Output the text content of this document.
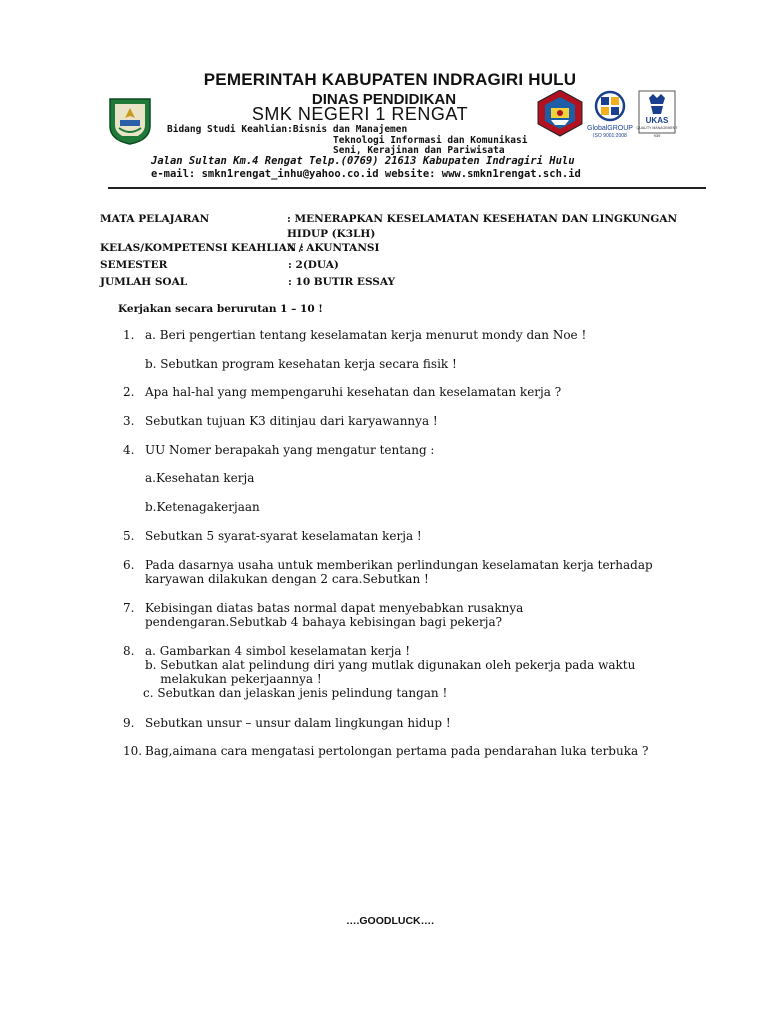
PEMERINTAH KABUPATEN INDRAGIRI HULU
DINAS PENDIDIKAN
SMK NEGERI 1 RENGAT
GlobalGROUP
ISO 9001:2008
UKAS
QUALITY MANAGEMENT
939
Bidang Studi Keahlian:Bisnis dan Manajemen
Teknologi Informasi dan Komunikasi
Seni, Kerajinan dan Pariwisata
Jalan Sultan Km.4 Rengat Telp.(0769) 21613 Kabupaten Indragiri Hulu
e-mail: smkn1rengat_inhu@yahoo.co.id website: www.smkn1rengat.sch.id
MATA PELAJARAN	: MENERAPKAN KESELAMATAN KESEHATAN DAN LINGKUNGAN
HIDUP (K3LH)
KELAS/KOMPETENSI KEAHLIAN :
X / AKUNTANSI
SEMESTER	: 2(DUA)
JUMLAH SOAL	: 10 BUTIR ESSAY
Kerjakan secara berurutan 1 – 10 !
1. a. Beri pengertian tentang keselamatan kerja menurut mondy dan Noe !
b. Sebutkan program kesehatan kerja secara fisik !
2. Apa hal-hal yang mempengaruhi kesehatan dan keselamatan kerja ?
3. Sebutkan tujuan K3 ditinjau dari karyawannya !
4. UU Nomer berapakah yang mengatur tentang :
a.Kesehatan kerja
b.Ketenagakerjaan
5. Sebutkan 5 syarat-syarat keselamatan kerja !
6. Pada dasarnya usaha untuk memberikan perlindungan keselamatan kerja terhadap
karyawan dilakukan dengan 2 cara.Sebutkan !
7. Kebisingan diatas batas normal dapat menyebabkan rusaknya
pendengaran.Sebutkab 4 bahaya kebisingan bagi pekerja?
8. a. Gambarkan 4 simbol keselamatan kerja !
b. Sebutkan alat pelindung diri yang mutlak digunakan oleh pekerja pada waktu
melakukan pekerjaannya !
c. Sebutkan dan jelaskan jenis pelindung tangan !
9. Sebutkan unsur – unsur dalam lingkungan hidup !
10. Bag,aimana cara mengatasi pertolongan pertama pada pendarahan luka terbuka ?
….GOODLUCK….
